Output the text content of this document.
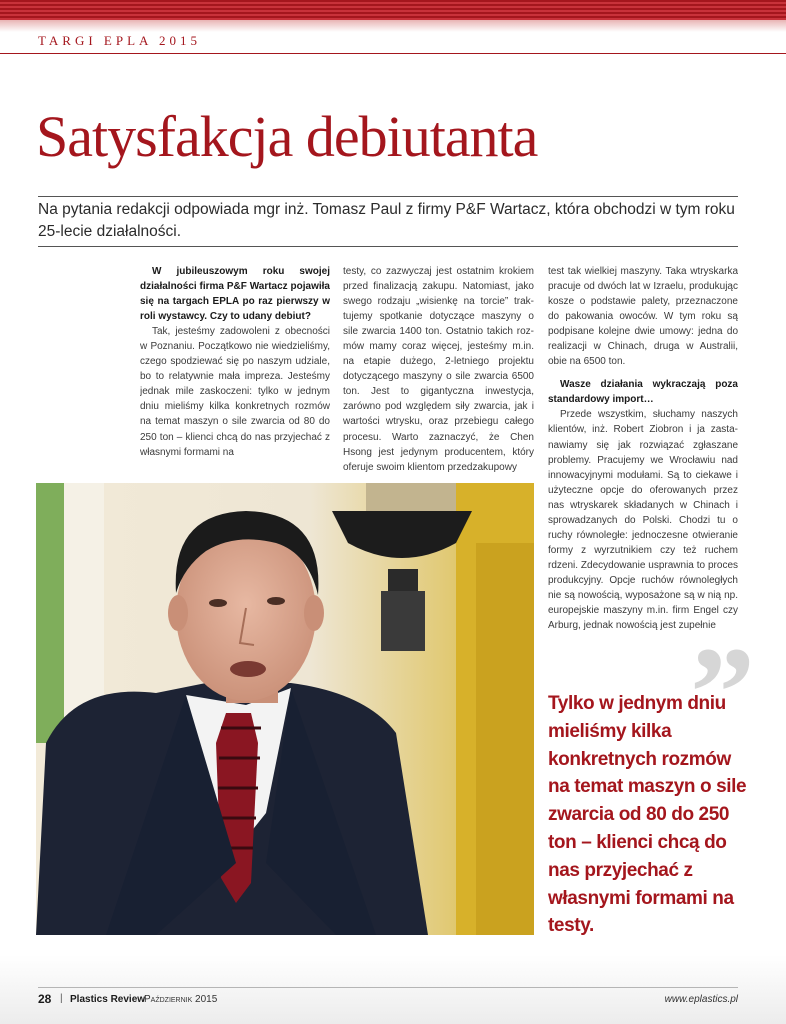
TARGI EPLA 2015
Satysfakcja debiutanta

Na pytania redakcji odpowiada mgr inż. Tomasz Paul z firmy P&F Wartacz, która obchodzi w tym roku 25-lecie działalności.

W jubileuszowym roku swojej działalności firma P&F Wartacz pojawiła się na targach EPLA po raz pierwszy w roli wystawcy. Czy to udany debiut?

Tak, jesteśmy zadowoleni z obecności w Poznaniu. Początkowo nie wiedzieliśmy, czego spodziewać się po naszym udziale, bo to relatywnie mała impreza. Jesteśmy jednak mile zaskoczeni: tylko w jednym dniu mieliśmy kilka konkretnych rozmów na temat maszyn o sile zwarcia od 80 do 250 ton – klienci chcą do nas przyjechać z własnymi formami na

testy, co zazwyczaj jest ostatnim krokiem przed finalizacją zakupu. Natomiast, jako swego rodzaju „wisienkę na torcie” traktujemy spotkanie dotyczące maszyny o sile zwarcia 1400 ton. Ostatnio takich rozmów mamy coraz więcej, jesteśmy m.in. na etapie dużego, 2-letniego projektu dotyczącego maszyny o sile zwarcia 6500 ton. Jest to gigantyczna inwestycja, zarówno pod względem siły zwarcia, jak i wartości wtrysku, oraz przebiegu całego procesu. Warto zaznaczyć, że Chen Hsong jest jedynym producentem, który oferuje swoim klientom przedzakupowy

test tak wielkiej maszyny. Taka wtryskarka pracuje od dwóch lat w Izraelu, produkując kosze o podstawie palety, przeznaczone do pakowania owoców. W tym roku są podpisane kolejne dwie umowy: jedna do realizacji w Chinach, druga w Australii, obie na 6500 ton.

Wasze działania wykraczają poza standardowy import…

Przede wszystkim, słuchamy naszych klientów, inż. Robert Ziobron i ja zastanawiamy się jak rozwiązać zgłaszane problemy. Pracujemy we Wrocławiu nad innowacyjnymi modułami. Są to ciekawe i użyteczne opcje do oferowanych przez nas wtryskarek składanych w Chinach i sprowadzanych do Polski. Chodzi tu o ruchy równoległe: jednoczesne otwieranie formy z wyrzutnikiem czy też ruchem rdzeni. Zdecydowanie usprawnia to proces produkcyjny. Opcje ruchów równoległych nie są nowością, wyposażone są w nią np. europejskie maszyny m.in. firm Engel czy Arburg, jednak nowością jest zupełnie

”

Tylko w jednym dniu mieliśmy kilka konkretnych rozmów na temat maszyn o sile zwarcia od 80 do 250 ton – klienci chcą do nas przyjechać z własnymi formami na testy.

28 | Plastics Review
Październik 2015	www.eplastics.pl
